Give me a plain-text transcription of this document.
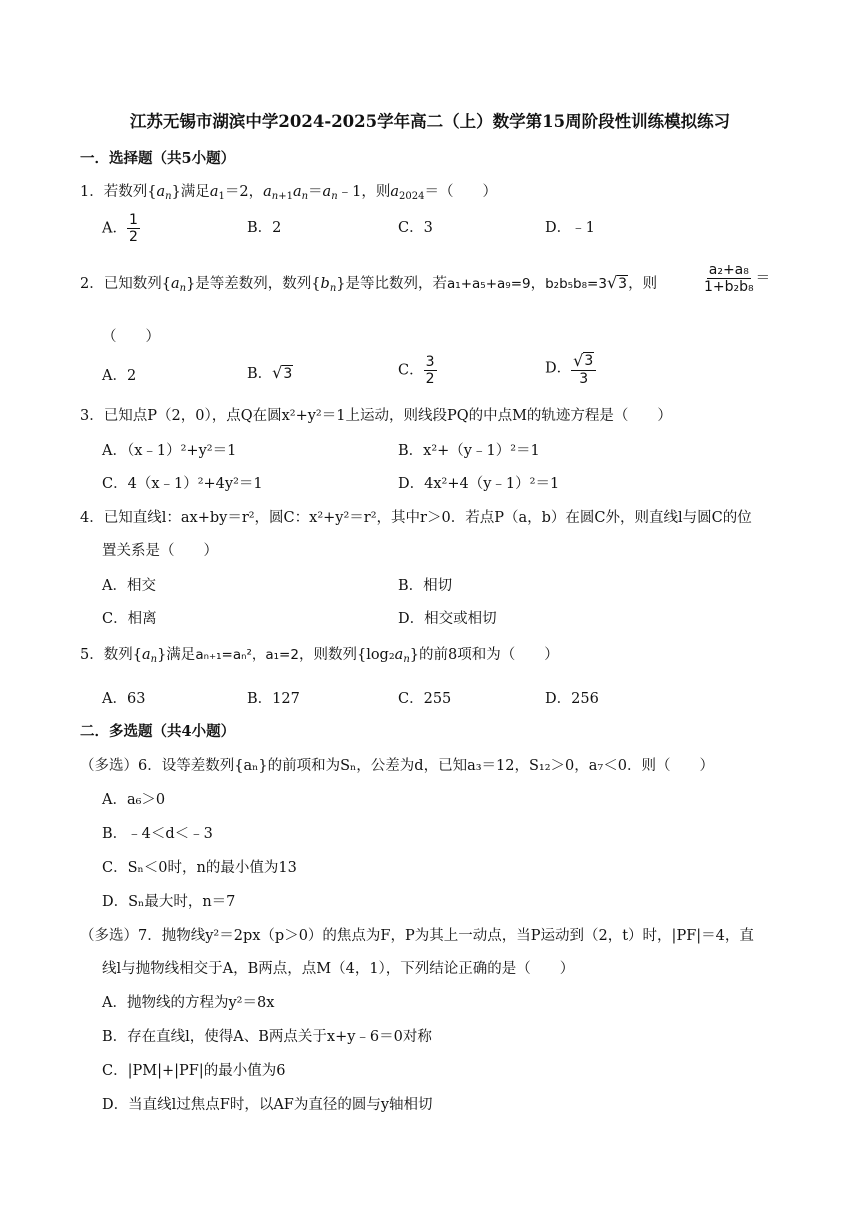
江苏无锡市湖滨中学2024-2025学年高二（上）数学第15周阶段性训练模拟练习
一．选择题（共5小题）
1．若数列$\{a_n\}$满足$a_1=2$，$a_{n+1}a_n=a_n﹣1$，则$a_{2024}=$（　　）
A． $\frac{1}{2}$	B．2	C．3	D．﹣1
2．已知数列$\{a_n\}$是等差数列，数列$\{b_n\}$是等比数列，若a₁+a₅+a₉=9，b₂b₅b₈=3 √ 3 ，则	$\frac{\text{a₂+a₈}}{\text{1+b₂b₈}}$ ＝
（　　）
A．2	B． √ 3	C． $\frac{3}{2}$	D． $\frac{√ 3}{3}$
3．已知点P（2，0），点Q在圆x²+y²＝1上运动，则线段PQ的中点M的轨迹方程是（　　）
A．（x﹣1）²+y²＝1	B．x²+（y﹣1）²＝1
C．4（x﹣1）²+4y²＝1	D．4x²+4（y﹣1）²＝1
4．已知直线l：ax+by＝r²，圆C：x²+y²＝r²，其中r＞0．若点P（a，b）在圆C外，则直线l与圆C的位
置关系是（　　）
A．相交	B．相切
C．相离	D．相交或相切
5．数列$\{a_n\}$满足aₙ₊₁=aₙ²，a₁=2，则数列$\{\log_2a_n\}$的前8项和为（　　）
A．63	B．127	C．255	D．256
二．多选题（共4小题）
（多选）6．设等差数列{aₙ}的前项和为Sₙ，公差为d，已知a₃＝12，S₁₂＞0，a₇＜0．则（　　）
A．a₆＞0
B．﹣4＜d＜﹣3
C．Sₙ＜0时，n的最小值为13
D．Sₙ最大时，n＝7
（多选）7．抛物线y²＝2px（p＞0）的焦点为F，P为其上一动点，当P运动到（2，t）时，|PF|＝4，直
线l与抛物线相交于A，B两点，点M（4，1），下列结论正确的是（　　）
A．抛物线的方程为y²＝8x
B．存在直线l，使得A、B两点关于x+y﹣6＝0对称
C．|PM|+|PF|的最小值为6
D．当直线l过焦点F时，以AF为直径的圆与y轴相切
